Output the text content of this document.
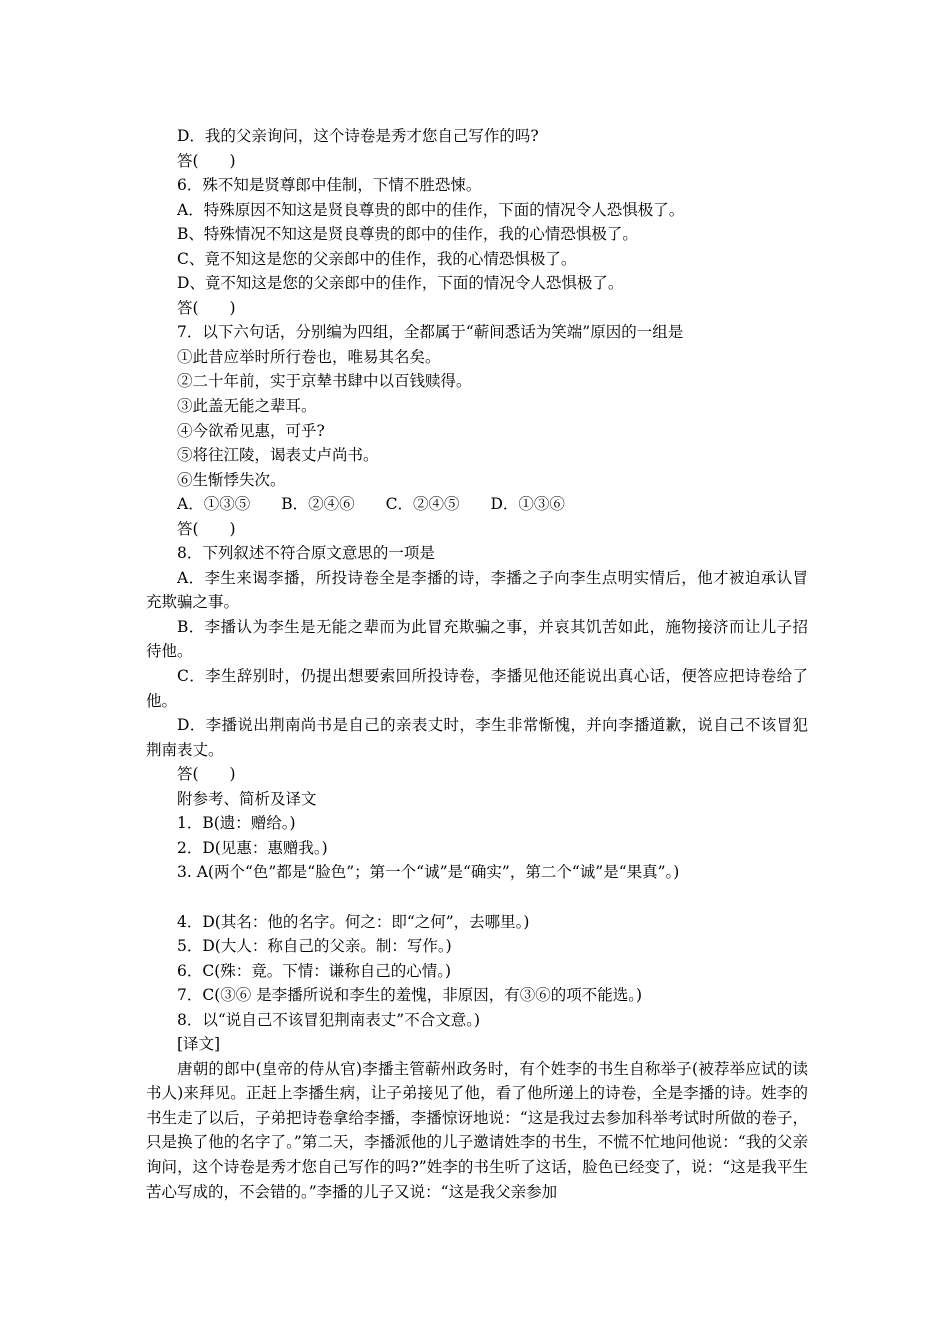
D．我的父亲询问，这个诗卷是秀才您自己写作的吗?
答(　　)
6．殊不知是贤尊郎中佳制，下情不胜恐悚。
A．特殊原因不知这是贤良尊贵的郎中的佳作，下面的情况令人恐惧极了。
B、特殊情况不知这是贤良尊贵的郎中的佳作，我的心情恐惧极了。
C、竟不知这是您的父亲郎中的佳作，我的心情恐惧极了。
D、竟不知这是您的父亲郎中的佳作，下面的情况令人恐惧极了。
答(　　)
7．以下六句话，分别编为四组，全都属于“蕲间悉话为笑端”原因的一组是
①此昔应举时所行卷也，唯易其名矣。
②二十年前，实于京辇书肆中以百钱赎得。
③此盖无能之辈耳。
④今欲希见惠，可乎?
⑤将往江陵，谒表丈卢尚书。
⑥生惭悸失次。
A．①③⑤　　B．②④⑥　　C．②④⑤　　D．①③⑥
答(　　)
8．下列叙述不符合原文意思的一项是
A．李生来谒李播，所投诗卷全是李播的诗，李播之子向李生点明实情后，他才被迫承认冒充欺骗之事。
B．李播认为李生是无能之辈而为此冒充欺骗之事，并哀其饥苦如此，施物接济而让儿子招待他。
C．李生辞别时，仍提出想要索回所投诗卷，李播见他还能说出真心话，便答应把诗卷给了他。
D．李播说出荆南尚书是自己的亲表丈时，李生非常惭愧，并向李播道歉，说自己不该冒犯荆南表丈。
答(　　)
附参考、简析及译文
1．B(遗：赠给。)
2．D(见惠：惠赠我。)
3. A(两个“色”都是“脸色”；第一个“诚”是“确实”，第二个“诚”是“果真”。)
4．D(其名：他的名字。何之：即“之何”，去哪里。)
5．D(大人：称自己的父亲。制：写作。)
6．C(殊：竟。下情：谦称自己的心情。)
7．C(③⑥ 是李播所说和李生的羞愧，非原因，有③⑥的项不能选。)
8．以“说自己不该冒犯荆南表丈”不合文意。)
[译文]
唐朝的郎中(皇帝的侍从官)李播主管蕲州政务时，有个姓李的书生自称举子(被荐举应试的读书人)来拜见。正赶上李播生病，让子弟接见了他，看了他所递上的诗卷，全是李播的诗。姓李的书生走了以后，子弟把诗卷拿给李播，李播惊讶地说：“这是我过去参加科举考试时所做的卷子，只是换了他的名字了。”第二天，李播派他的儿子邀请姓李的书生，不慌不忙地问他说：“我的父亲询问，这个诗卷是秀才您自己写作的吗?”姓李的书生听了这话，脸色已经变了，说：“这是我平生苦心写成的，不会错的。”李播的儿子又说：“这是我父亲参加
